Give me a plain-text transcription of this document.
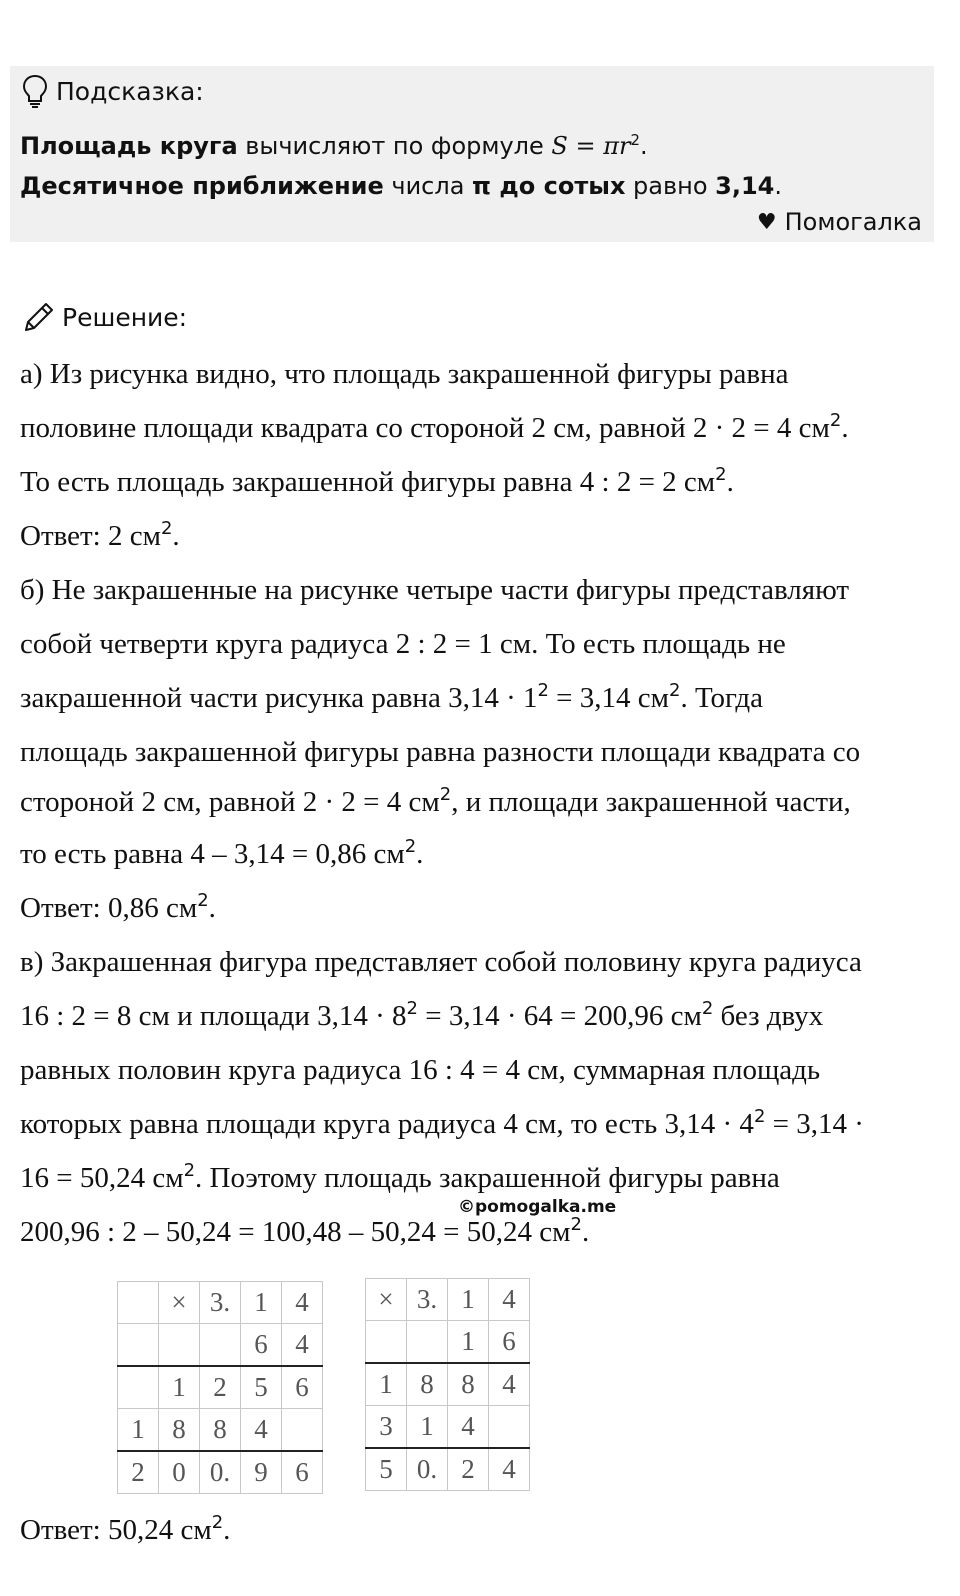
Подсказка:
Площадь круга вычисляют по формуле $S = \pi r^2$.
Десятичное приближение числа π до сотых равно 3,14.
♥ Помогалка
Решение:
а) Из рисунка видно, что площадь закрашенной фигуры равна
половине площади квадрата со стороной 2 см, равной 2 · 2 = 4 $см^2$.
То есть площадь закрашенной фигуры равна 4 : 2 = 2 $см^2$.
Ответ: 2 $см^2$.
б) Не закрашенные на рисунке четыре части фигуры представляют
собой четверти круга радиуса 2 : 2 = 1 см. То есть площадь не
закрашенной части рисунка равна $3,14 \cdot 1^2 = 3,14$ $см^2$. Тогда
площадь закрашенной фигуры равна разности площади квадрата со
стороной 2 см, равной 2 · 2 = 4 $см^2$, и площади закрашенной части,
то есть равна 4 – 3,14 = 0,86 $см^2$.
Ответ: 0,86 $см^2$.
в) Закрашенная фигура представляет собой половину круга радиуса
16 : 2 = 8 см и площади $3,14 \cdot 8^2 = 3,14 \cdot 64 = 200,96$ $см^2$ без двух
равных половин круга радиуса 16 : 4 = 4 см, суммарная площадь
которых равна площади круга радиуса 4 см, то есть $3,14 \cdot 4^2 = 3,14$ ·
16 = 50,24 $см^2$. Поэтому площадь закрашенной фигуры равна
200,96 : 2 – 50,24 = 100,48 – 50,24 = 50,24 $см^2$.
Ответ: 50,24 $см^2$.
©pomogalka.me
	×	3.	1	4
			6	4
	1	2	5	6
1	8	8	4	
2	0	0.	9	6
×	3.	1	4
		1	6
1	8	8	4
3	1	4	
5	0.	2	4
